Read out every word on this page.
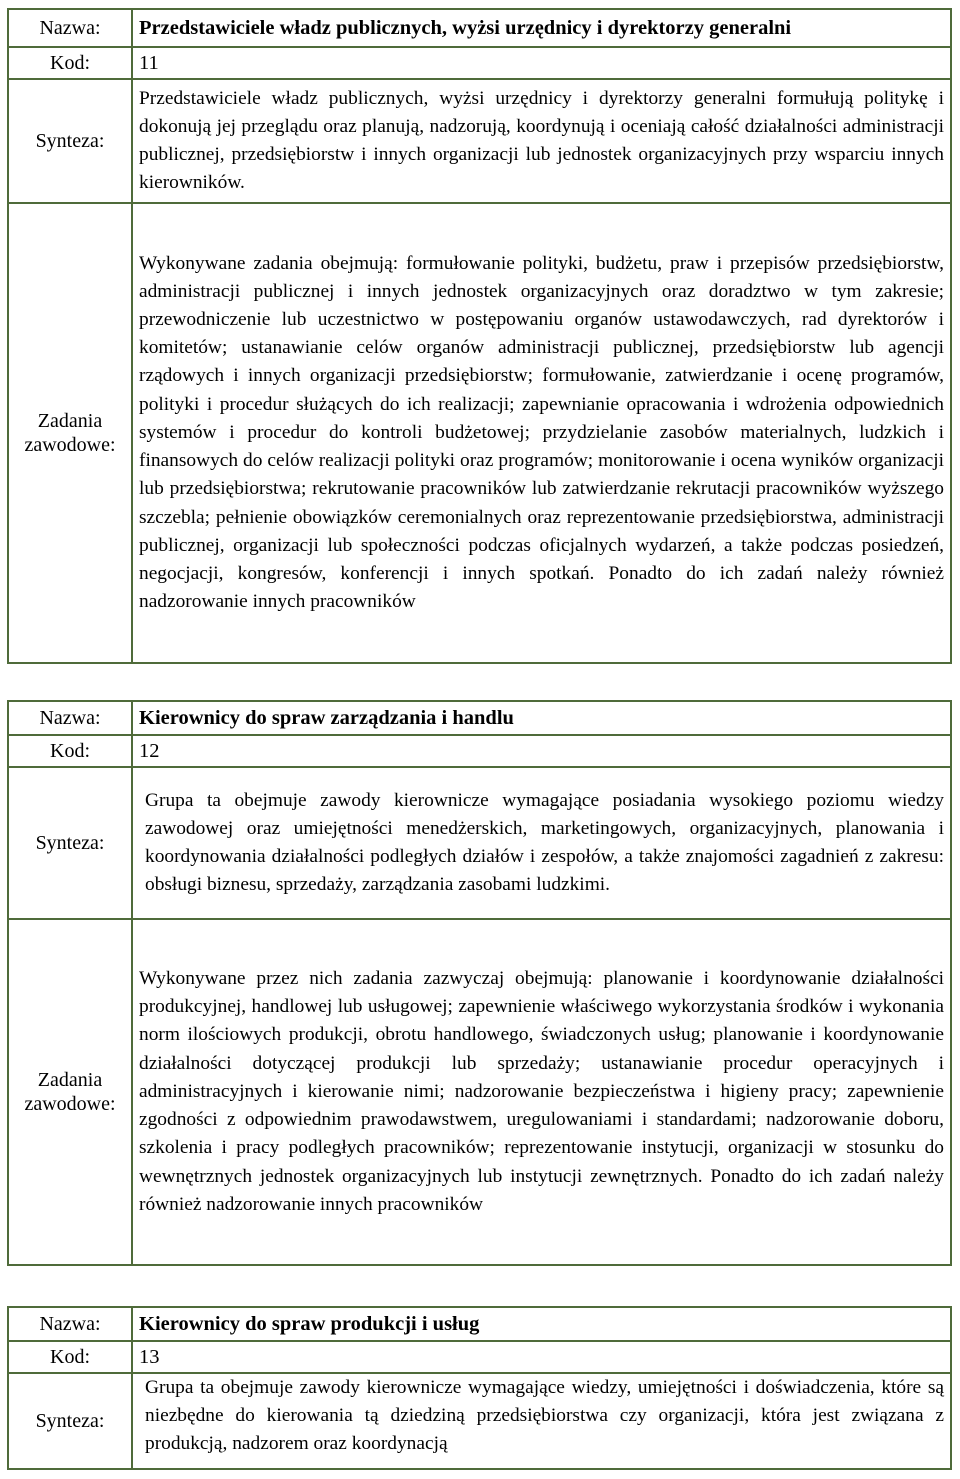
Nazwa:	Przedstawiciele władz publicznych, wyżsi urzędnicy i dyrektorzy generalni
Kod:	11
Synteza:	Przedstawiciele władz publicznych, wyżsi urzędnicy i dyrektorzy generalni formułują politykę i dokonują jej przeglądu oraz planują, nadzorują, koordynują i oceniają całość działalności administracji publicznej, przedsiębiorstw i innych organizacji lub jednostek organizacyjnych przy wsparciu innych kierowników.

Zadania
zawodowe:	Wykonywane zadania obejmują: formułowanie polityki, budżetu, praw i przepisów przedsiębiorstw, administracji publicznej i innych jednostek organizacyjnych oraz doradztwo w tym zakresie; przewodniczenie lub uczestnictwo w postępowaniu organów ustawodawczych, rad dyrektorów i komitetów; ustanawianie celów organów administracji publicznej, przedsiębiorstw lub agencji rządowych i innych organizacji przedsiębiorstw; formułowanie, zatwierdzanie i ocenę programów, polityki i procedur służących do ich realizacji; zapewnianie opracowania i wdrożenia odpowiednich systemów i procedur do kontroli budżetowej; przydzielanie zasobów materialnych, ludzkich i finansowych do celów realizacji polityki oraz programów; monitorowanie i ocena wyników organizacji lub przedsiębiorstwa; rekrutowanie pracowników lub zatwierdzanie rekrutacji pracowników wyższego szczebla; pełnienie obowiązków ceremonialnych oraz reprezentowanie przedsiębiorstwa, administracji publicznej, organizacji lub społeczności podczas oficjalnych wydarzeń, a także podczas posiedzeń, negocjacji, kongresów, konferencji i innych spotkań. Ponadto do ich zadań należy również nadzorowanie innych pracowników
Nazwa:	Kierownicy do spraw zarządzania i handlu
Kod:	12
Synteza:	Grupa ta obejmuje zawody kierownicze wymagające posiadania wysokiego poziomu wiedzy zawodowej oraz umiejętności menedżerskich, marketingowych, organizacyjnych, planowania i koordynowania działalności podległych działów i zespołów, a także znajomości zagadnień z zakresu: obsługi biznesu, sprzedaży, zarządzania zasobami ludzkimi.

Zadania
zawodowe:	Wykonywane przez nich zadania zazwyczaj obejmują: planowanie i koordynowanie działalności produkcyjnej, handlowej lub usługowej; zapewnienie właściwego wykorzystania środków i wykonania norm ilościowych produkcji, obrotu handlowego, świadczonych usług; planowanie i koordynowanie działalności dotyczącej produkcji lub sprzedaży; ustanawianie procedur operacyjnych i administracyjnych i kierowanie nimi; nadzorowanie bezpieczeństwa i higieny pracy; zapewnienie zgodności z odpowiednim prawodawstwem, uregulowaniami i standardami; nadzorowanie doboru, szkolenia i pracy podległych pracowników; reprezentowanie instytucji, organizacji w stosunku do wewnętrznych jednostek organizacyjnych lub instytucji zewnętrznych. Ponadto do ich zadań należy również nadzorowanie innych pracowników
Nazwa:	Kierownicy do spraw produkcji i usług
Kod:	13
Synteza:	Grupa ta obejmuje zawody kierownicze wymagające wiedzy, umiejętności i doświadczenia, które są niezbędne do kierowania tą dziedziną przedsiębiorstwa czy organizacji, która jest związana z produkcją, nadzorem oraz koordynacją
